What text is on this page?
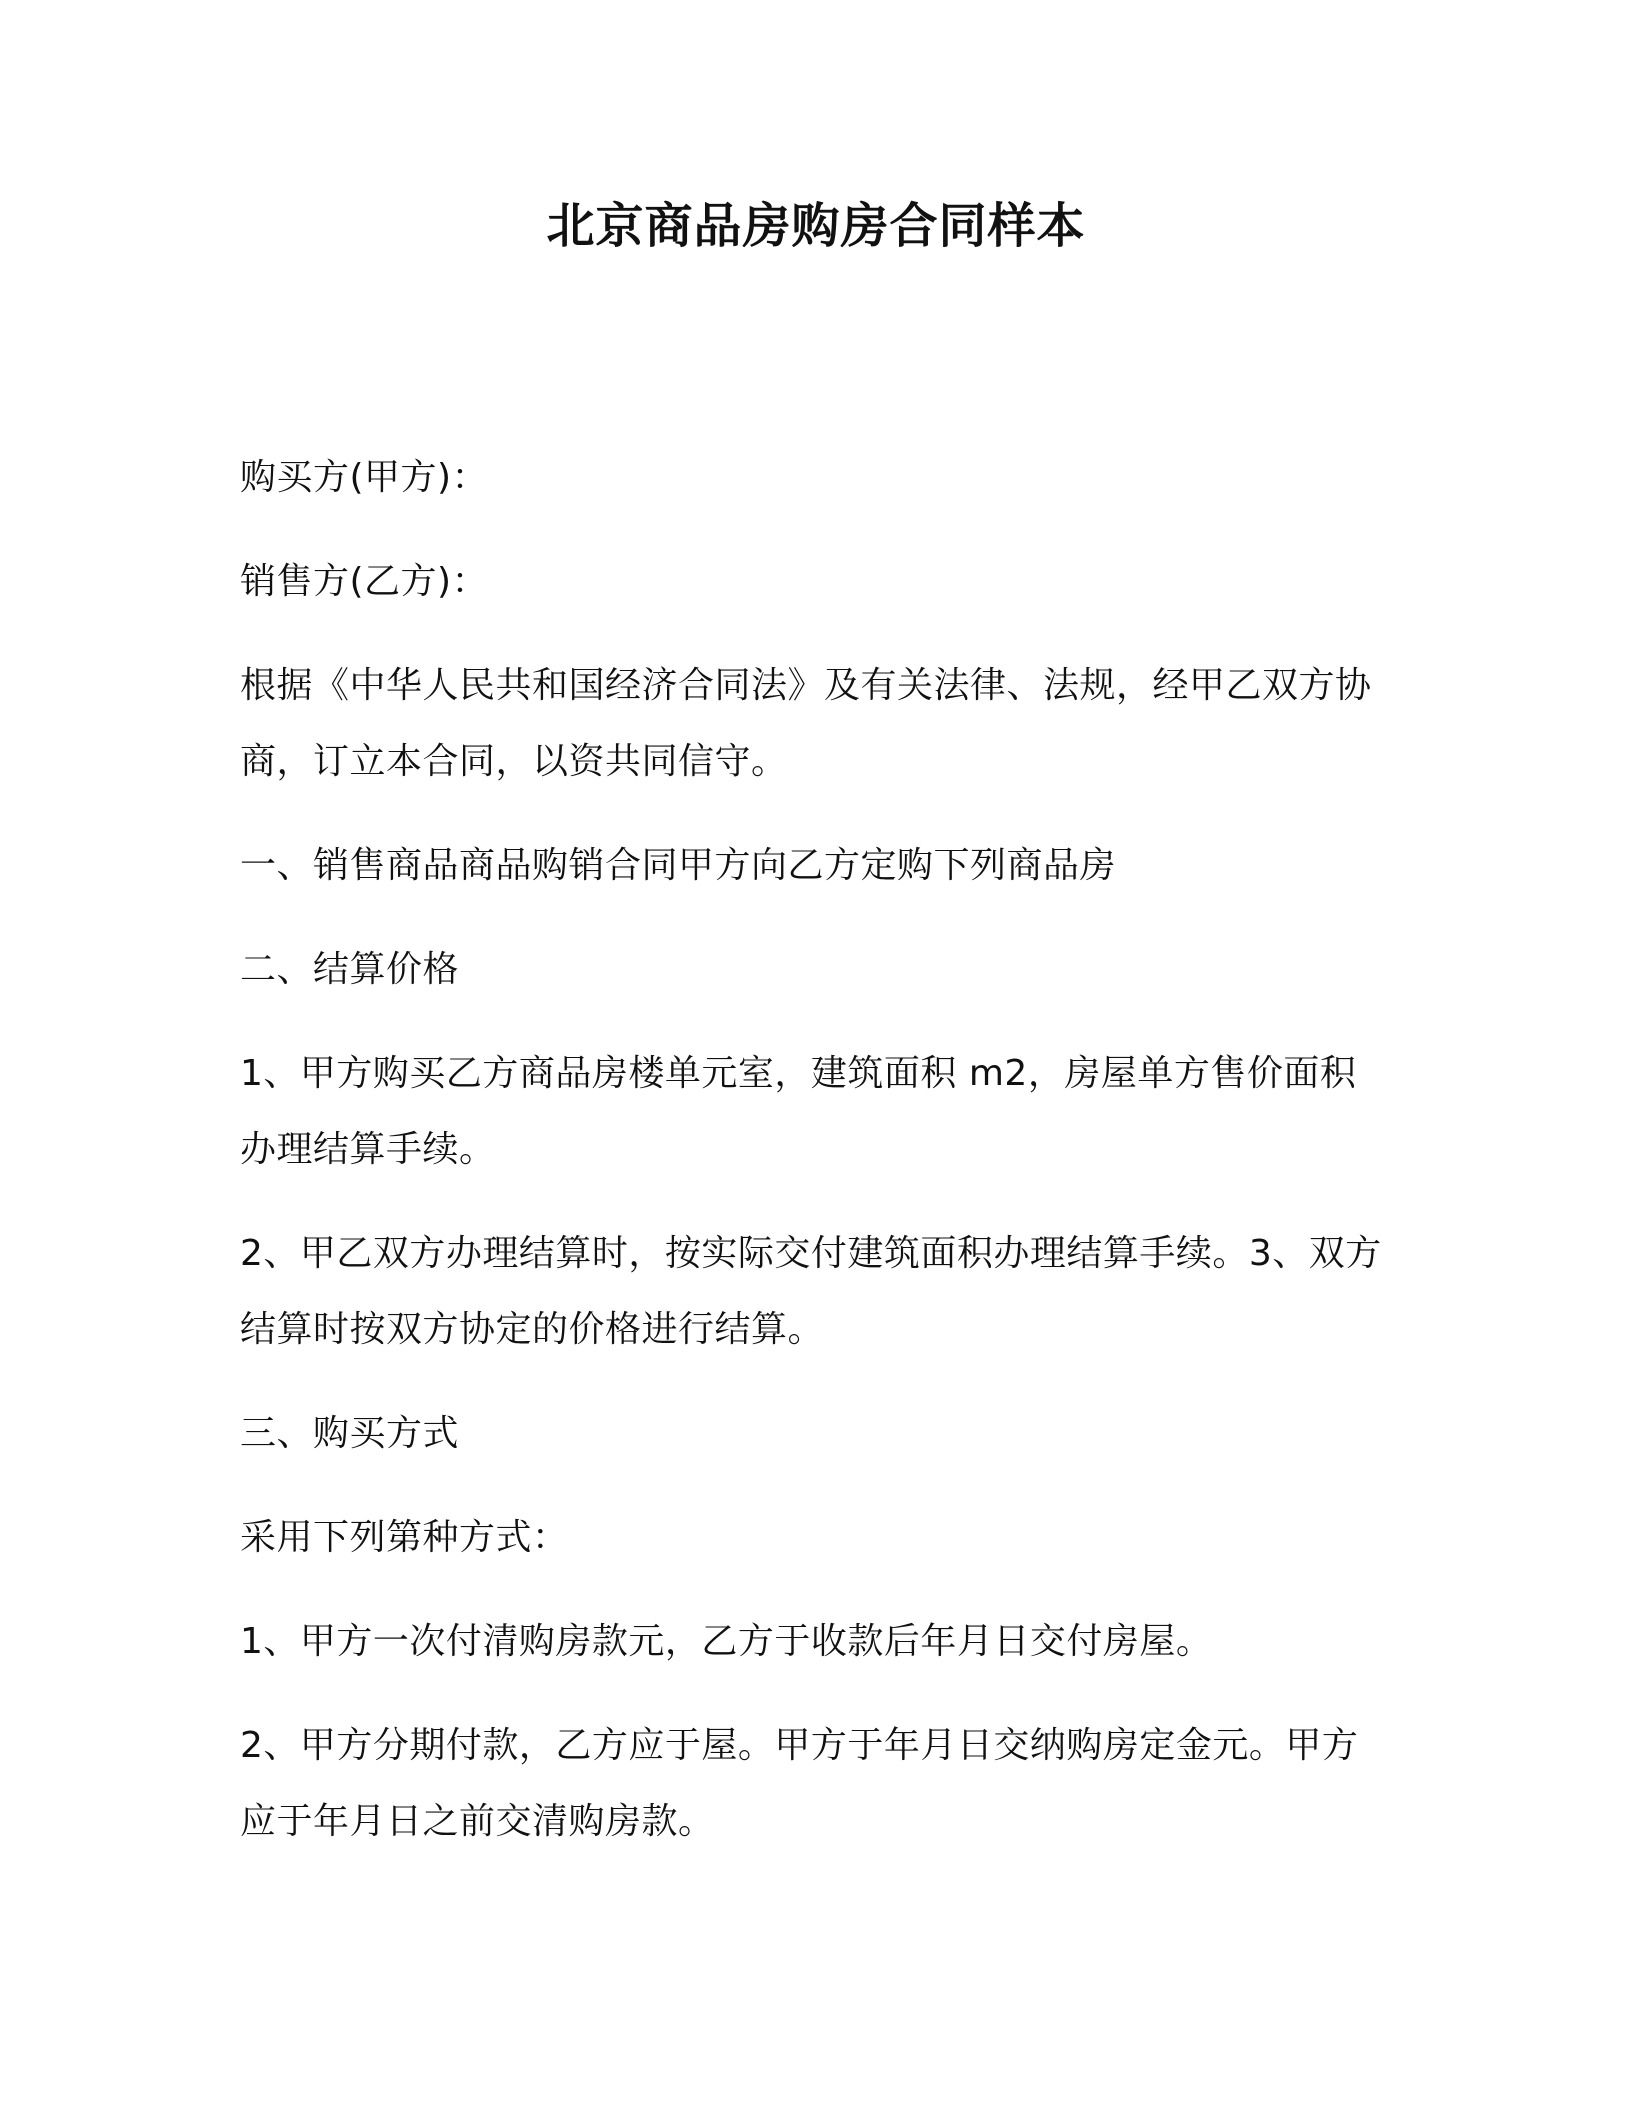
北京商品房购房合同样本

购买方(甲方)：

销售方(乙方)：

根据《中华人民共和国经济合同法》及有关法律、法规，经甲乙双方协商，订立本合同，以资共同信守。

一、销售商品商品购销合同甲方向乙方定购下列商品房

二、结算价格

1、甲方购买乙方商品房楼单元室，建筑面积 m2，房屋单方售价面积办理结算手续。

2、甲乙双方办理结算时，按实际交付建筑面积办理结算手续。3、双方结算时按双方协定的价格进行结算。

三、购买方式

采用下列第种方式：

1、甲方一次付清购房款元，乙方于收款后年月日交付房屋。

2、甲方分期付款，乙方应于屋。甲方于年月日交纳购房定金元。甲方应于年月日之前交清购房款。
